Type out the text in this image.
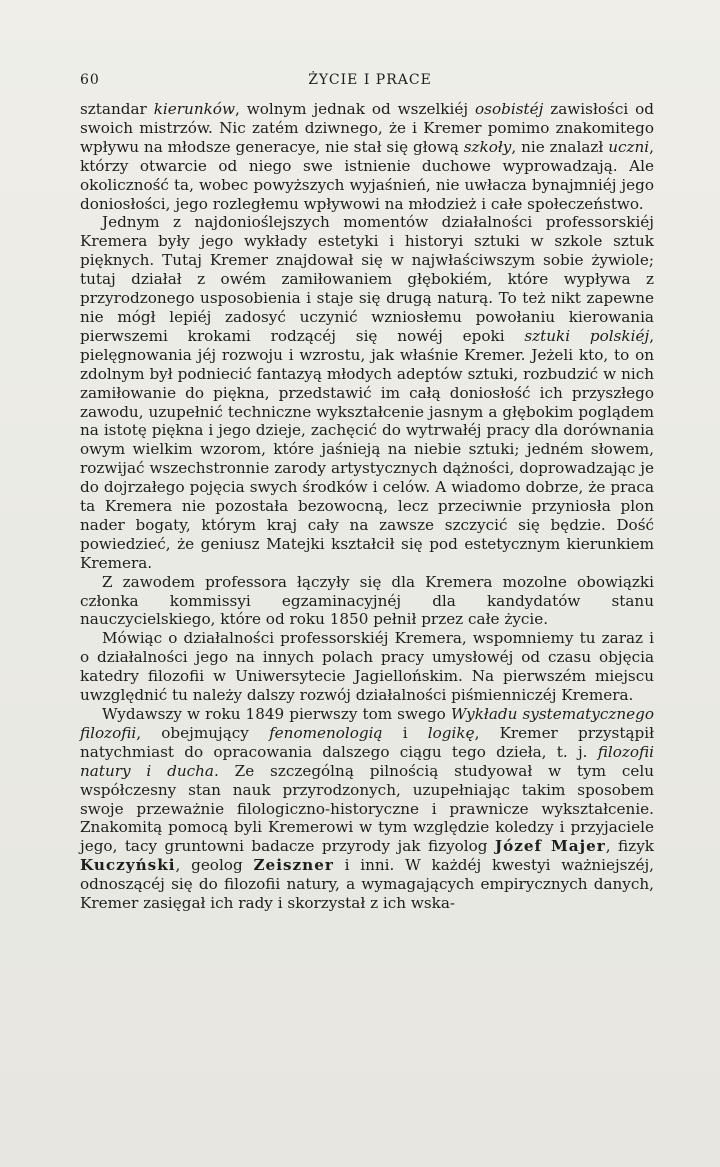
60	ŻYCIE I PRACE

sztandar kierunków, wolnym jednak od wszelkiéj osobistéj zawisłości od swoich mistrzów. Nic zatém dziwnego, że i Kremer pomimo znakomitego wpływu na młodsze generacye, nie stał się głową szkoły, nie znalazł uczni, którzy otwarcie od niego swe istnienie duchowe wyprowadzają. Ale okoliczność ta, wobec powyższych wyjaśnień, nie uwłacza bynajmniéj jego doniosłości, jego rozległemu wpływowi na młodzież i całe społeczeństwo.

Jednym z najdonioślejszych momentów działalności professorskiéj Kremera były jego wykłady estetyki i historyi sztuki w szkole sztuk pięknych. Tutaj Kremer znajdował się w najwłaściwszym sobie żywiole; tutaj działał z owém zamiłowaniem głębokiém, które wypływa z przyrodzonego usposobienia i staje się drugą naturą. To też nikt zapewne nie mógł lepiéj zadosyć uczynić wzniosłemu powołaniu kierowania pierwszemi krokami rodzącéj się nowéj epoki sztuki polskiéj, pielęgnowania jéj rozwoju i wzrostu, jak właśnie Kremer. Jeżeli kto, to on zdolnym był podniecić fantazyą młodych adeptów sztuki, rozbudzić w nich zamiłowanie do piękna, przedstawić im całą doniosłość ich przyszłego zawodu, uzupełnić techniczne wykształcenie jasnym a głębokim poglądem na istotę piękna i jego dzieje, zachęcić do wytrwałéj pracy dla dorównania owym wielkim wzorom, które jaśnieją na niebie sztuki; jedném słowem, rozwijać wszechstronnie zarody artystycznych dążności, doprowadzając je do dojrzałego pojęcia swych środków i celów. A wiadomo dobrze, że praca ta Kremera nie pozostała bezowocną, lecz przeciwnie przyniosła plon nader bogaty, którym kraj cały na zawsze szczycić się będzie. Dość powiedzieć, że geniusz Matejki kształcił się pod estetycznym kierunkiem Kremera.

Z zawodem professora łączyły się dla Kremera mozolne obowiązki członka kommissyi egzaminacyjnéj dla kandydatów stanu nauczycielskiego, które od roku 1850 pełnił przez całe życie.

Mówiąc o działalności professorskiéj Kremera, wspomniemy tu zaraz i o działalności jego na innych polach pracy umysłowéj od czasu objęcia katedry filozofii w Uniwersytecie Jagiellońskim. Na pierwszém miejscu uwzględnić tu należy dalszy rozwój działalności piśmienniczéj Kremera.

Wydawszy w roku 1849 pierwszy tom swego Wykładu systematycznego filozofii, obejmujący fenomenologią i logikę, Kremer przystąpił natychmiast do opracowania dalszego ciągu tego dzieła, t. j. filozofii natury i ducha. Ze szczególną pilnością studyował w tym celu współczesny stan nauk przyrodzonych, uzupełniając takim sposobem swoje przeważnie filologiczno-historyczne i prawnicze wykształcenie. Znakomitą pomocą byli Kremerowi w tym względzie koledzy i przyjaciele jego, tacy gruntowni badacze przyrody jak fizyolog Józef Majer, fizyk Kuczyński, geolog Zeiszner i inni. W każdéj kwestyi ważniejszéj, odnoszącéj się do filozofii natury, a wymagających empirycznych danych, Kremer zasięgał ich rady i skorzystał z ich wska-
